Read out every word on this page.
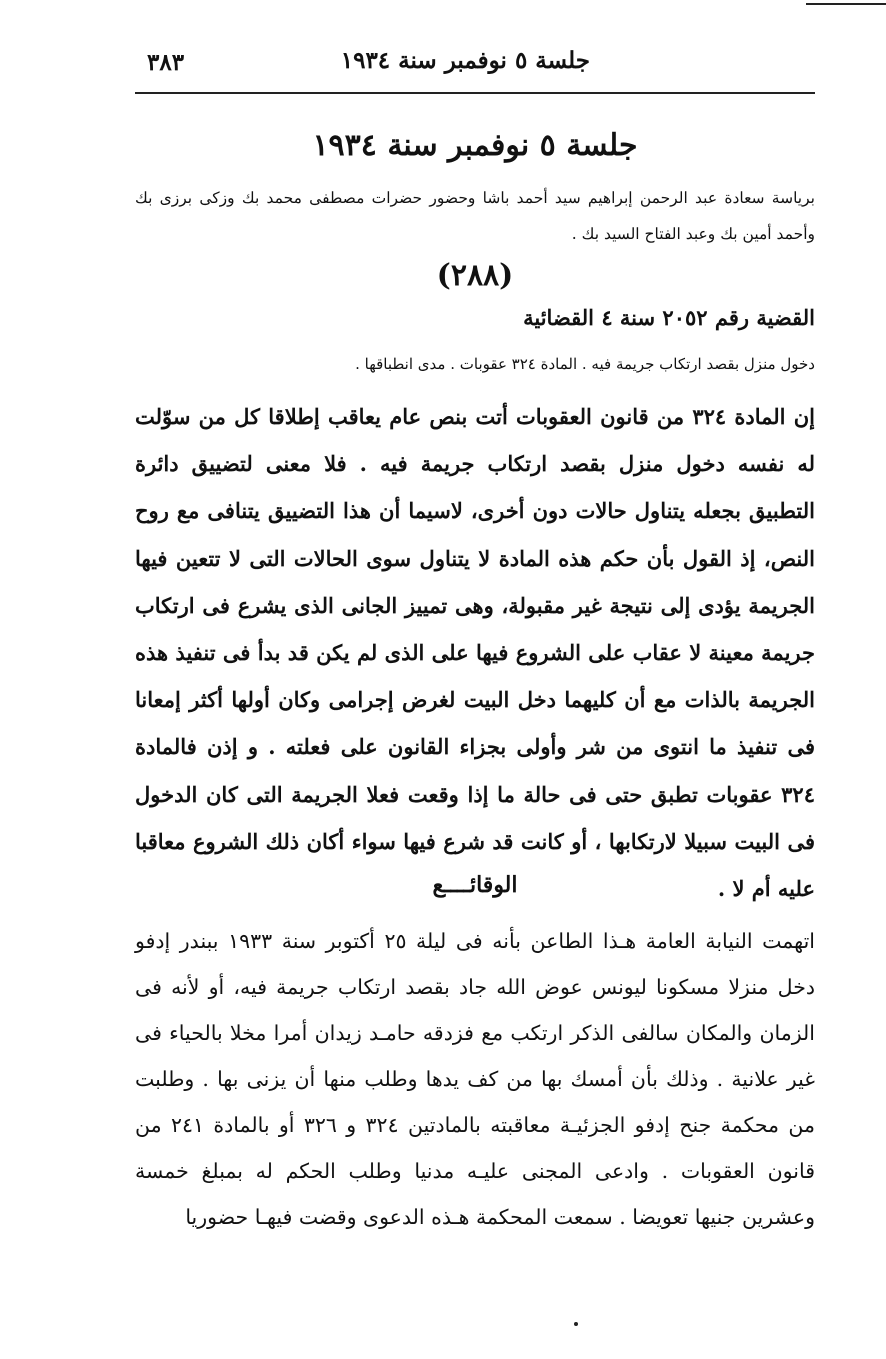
٣٨٣	جلسة ٥ نوفمبر سنة ١٩٣٤
جلسة ٥ نوفمبر سنة ١٩٣٤
برياسة سعادة عبد الرحمن إبراهيم سيد أحمد باشا وحضور حضرات مصطفى محمد بك وزكى برزى بك وأحمد أمين بك وعبد الفتاح السيد بك .
(٢٨٨)
القضية رقم ٢٠٥٢ سنة ٤ القضائية
دخول منزل بقصد ارتكاب جريمة فيه . المادة ٣٢٤ عقوبات . مدى انطباقها .
إن المادة ٣٢٤ من قانون العقوبات أتت بنص عام يعاقب إطلاقا كل من سوّلت له نفسه دخول منزل بقصد ارتكاب جريمة فيه . فلا معنى لتضييق دائرة التطبيق بجعله يتناول حالات دون أخرى، لاسيما أن هذا التضييق يتنافى مع روح النص، إذ القول بأن حكم هذه المادة لا يتناول سوى الحالات التى لا تتعين فيها الجريمة يؤدى إلى نتيجة غير مقبولة، وهى تمييز الجانى الذى يشرع فى ارتكاب جريمة معينة لا عقاب على الشروع فيها على الذى لم يكن قد بدأ فى تنفيذ هذه الجريمة بالذات مع أن كليهما دخل البيت لغرض إجرامى وكان أولها أكثر إمعانا فى تنفيذ ما انتوى من شر وأولى بجزاء القانون على فعلته . و إذن فالمادة ٣٢٤ عقوبات تطبق حتى فى حالة ما إذا وقعت فعلا الجريمة التى كان الدخول فى البيت سبيلا لارتكابها ، أو كانت قد شرع فيها سواء أكان ذلك الشروع معاقبا عليه أم لا .
الوقائــــع
اتهمت النيابة العامة هـذا الطاعن بأنه فى ليلة ٢٥ أكتوبر سنة ١٩٣٣ ببندر إدفو دخل منزلا مسكونا ليونس عوض الله جاد بقصد ارتكاب جريمة فيه، أو لأنه فى الزمان والمكان سالفى الذكر ارتكب مع فزدقه حامـد زيدان أمرا مخلا بالحياء فى غير علانية . وذلك بأن أمسك بها من كف يدها وطلب منها أن يزنى بها . وطلبت من محكمة جنح إدفو الجزئيـة معاقبته بالمادتين ٣٢٤ و ٣٢٦ أو بالمادة ٢٤١ من قانون العقوبات . وادعى المجنى عليـه مدنيا وطلب الحكم له بمبلغ خمسة وعشرين جنيها تعويضا . سمعت المحكمة هـذه الدعوى وقضت فيهـا حضوريا
